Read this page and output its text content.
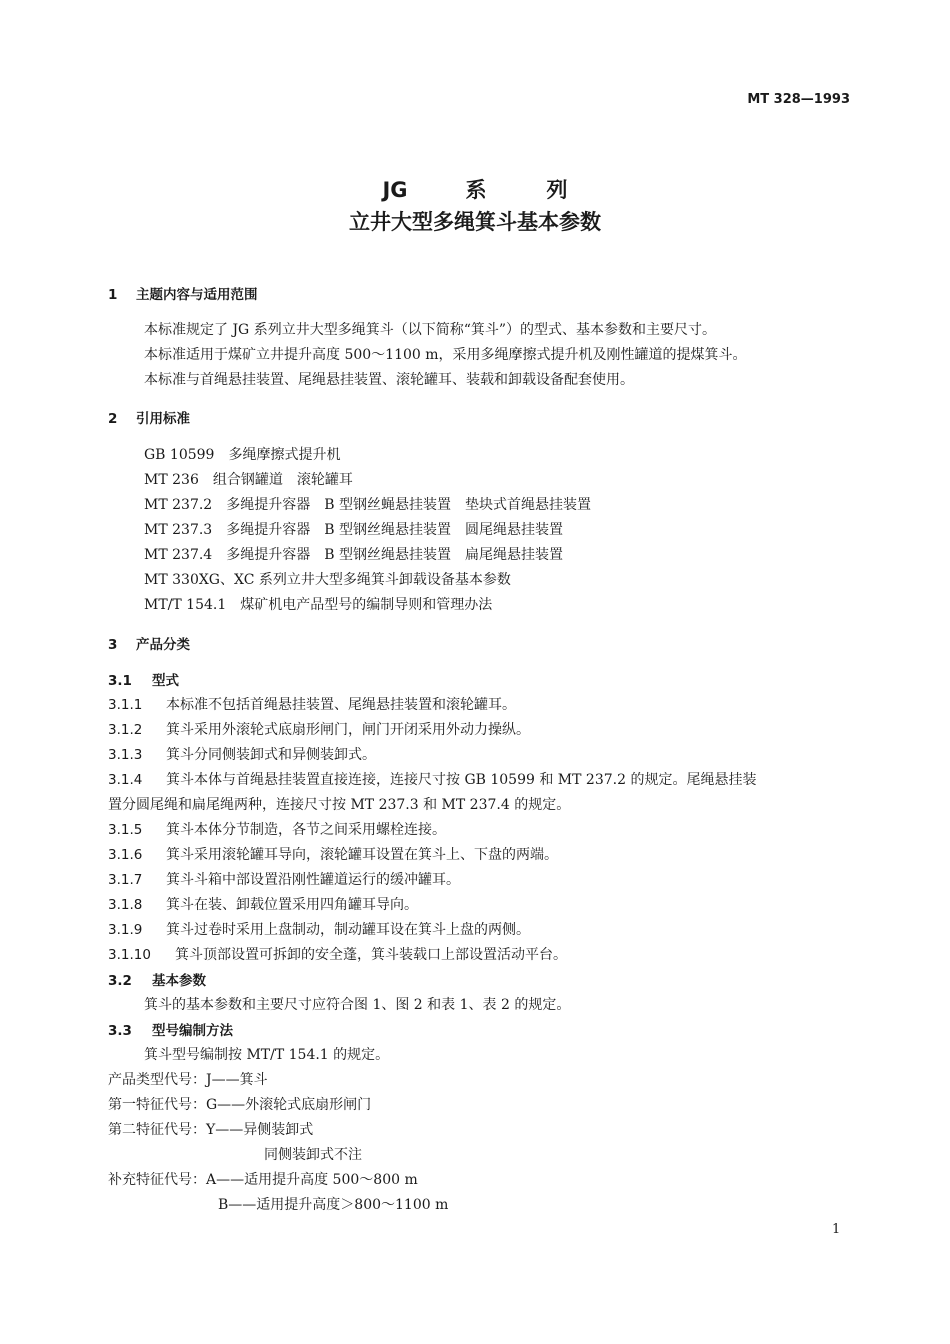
MT 328—1993
JG	系	列
立井大型多绳箕斗基本参数
1 主题内容与适用范围
本标准规定了 JG 系列立井大型多绳箕斗（以下简称“箕斗”）的型式、基本参数和主要尺寸。
本标准适用于煤矿立井提升高度 500～1100 m，采用多绳摩擦式提升机及刚性罐道的提煤箕斗。
本标准与首绳悬挂装置、尾绳悬挂装置、滚轮罐耳、装载和卸载设备配套使用。
2 引用标准
GB 10599　多绳摩擦式提升机
MT 236　组合钢罐道　滚轮罐耳
MT 237.2　多绳提升容器　B 型钢丝蝇悬挂装置　垫块式首绳悬挂装置
MT 237.3　多绳提升容器　B 型钢丝绳悬挂装置　圆尾绳悬挂装置
MT 237.4　多绳提升容器　B 型钢丝绳悬挂装置　扁尾绳悬挂装置
MT 330XG、XC 系列立井大型多绳箕斗卸载设备基本参数
MT/T 154.1　煤矿机电产品型号的编制导则和管理办法
3 产品分类
3.1 型式
3.1.1 本标准不包括首绳悬挂装置、尾绳悬挂装置和滚轮罐耳。
3.1.2 箕斗采用外滚轮式底扇形闸门，闸门开闭采用外动力操纵。
3.1.3 箕斗分同侧装卸式和异侧装卸式。
3.1.4 箕斗本体与首绳悬挂装置直接连接，连接尺寸按 GB 10599 和 MT 237.2 的规定。尾绳悬挂装
置分圆尾绳和扁尾绳两种，连接尺寸按 MT 237.3 和 MT 237.4 的规定。
3.1.5 箕斗本体分节制造，各节之间采用螺栓连接。
3.1.6 箕斗采用滚轮罐耳导向，滚轮罐耳设置在箕斗上、下盘的两端。
3.1.7 箕斗斗箱中部设置沿刚性罐道运行的缓冲罐耳。
3.1.8 箕斗在装、卸载位置采用四角罐耳导向。
3.1.9 箕斗过卷时采用上盘制动，制动罐耳设在箕斗上盘的两侧。
3.1.10 箕斗顶部设置可拆卸的安全蓬，箕斗装载口上部设置活动平台。
3.2 基本参数
箕斗的基本参数和主要尺寸应符合图 1、图 2 和表 1、表 2 的规定。
3.3 型号编制方法
箕斗型号编制按 MT/T 154.1 的规定。
产品类型代号：J——箕斗
第一特征代号：G——外滚轮式底扇形闸门
第二特征代号：Y——异侧装卸式
同侧装卸式不注
补充特征代号：A——适用提升高度 500～800 m
B——适用提升高度＞800～1100 m
1
